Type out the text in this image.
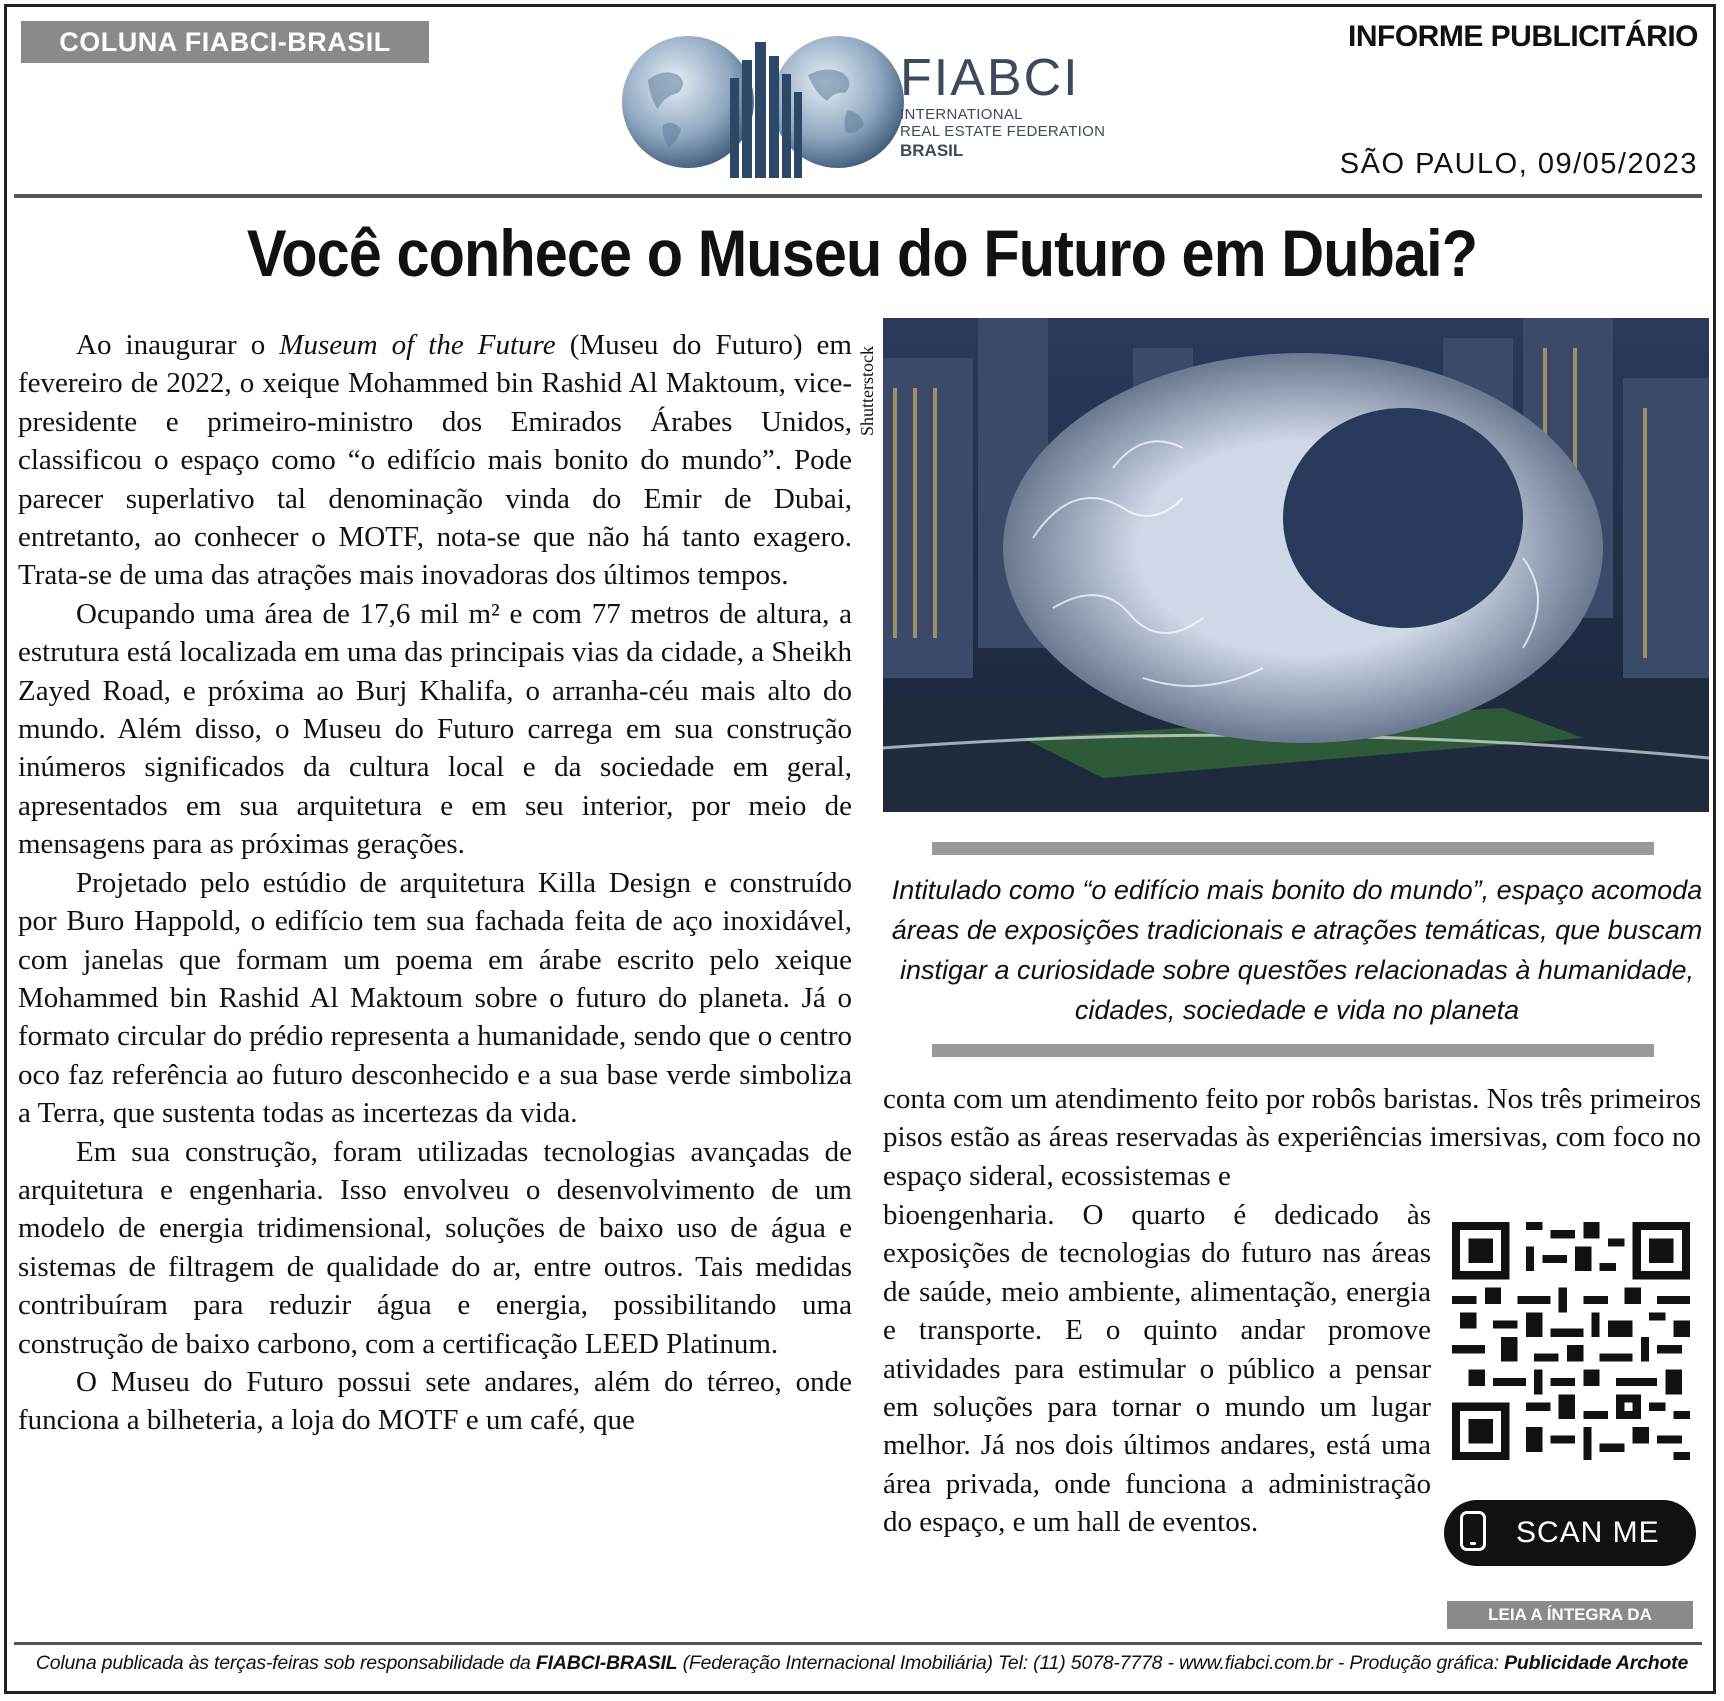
COLUNA FIABCI-BRASIL
FIABCI
INTERNATIONAL
REAL ESTATE FEDERATION
BRASIL
INFORME PUBLICITÁRIO
SÃO PAULO, 09/05/2023
Você conhece o Museu do Futuro em Dubai?

Ao inaugurar o Museum of the Future (Museu do Futuro) em fevereiro de 2022, o xeique Mohammed bin Rashid Al Maktoum, vice-presidente e primeiro-ministro dos Emirados Árabes Unidos, classificou o espaço como “o edifício mais bonito do mundo”. Pode parecer superlativo tal denominação vinda do Emir de Dubai, entretanto, ao conhecer o MOTF, nota-se que não há tanto exagero. Trata-se de uma das atrações mais inovadoras dos últimos tempos.

Ocupando uma área de 17,6 mil m² e com 77 metros de altura, a estrutura está localizada em uma das principais vias da cidade, a Sheikh Zayed Road, e próxima ao Burj Khalifa, o arranha-céu mais alto do mundo. Além disso, o Museu do Futuro carrega em sua construção inúmeros significados da cultura local e da sociedade em geral, apresentados em sua arquitetura e em seu interior, por meio de mensagens para as próximas gerações.

Projetado pelo estúdio de arquitetura Killa Design e construído por Buro Happold, o edifício tem sua fachada feita de aço inoxidável, com janelas que formam um poema em árabe escrito pelo xeique Mohammed bin Rashid Al Maktoum sobre o futuro do planeta. Já o formato circular do prédio representa a humanidade, sendo que o centro oco faz referência ao futuro desconhecido e a sua base verde simboliza a Terra, que sustenta todas as incertezas da vida.

Em sua construção, foram utilizadas tecnologias avançadas de arquitetura e engenharia. Isso envolveu o desenvolvimento de um modelo de energia tridimensional, soluções de baixo uso de água e sistemas de filtragem de qualidade do ar, entre outros. Tais medidas contribuíram para reduzir água e energia, possibilitando uma construção de baixo carbono, com a certificação LEED Platinum.

O Museu do Futuro possui sete andares, além do térreo, onde funciona a bilheteria, a loja do MOTF e um café, que

Shutterstock
Intitulado como “o edifício mais bonito do mundo”, espaço acomoda áreas de exposições tradicionais e atrações temáticas, que buscam instigar a curiosidade sobre questões relacionadas à humanidade, cidades, sociedade e vida no planeta

conta com um atendimento feito por robôs baristas. Nos três primeiros pisos estão as áreas reservadas às experiências imersivas, com foco no espaço sideral, ecossistemas e

bioengenharia. O quarto é dedicado às exposições de tecnologias do futuro nas áreas de saúde, meio ambiente, alimentação, energia e transporte. E o quinto andar promove atividades para estimular o público a pensar em soluções para tornar o mundo um lugar melhor. Já nos dois últimos andares, está uma área privada, onde funciona a administração do espaço, e um hall de eventos.	SCAN ME
LEIA A ÍNTEGRA DA
Coluna publicada às terças-feiras sob responsabilidade da FIABCI-BRASIL (Federação Internacional Imobiliária) Tel: (11) 5078-7778 - www.fiabci.com.br - Produção gráfica: Publicidade Archote
